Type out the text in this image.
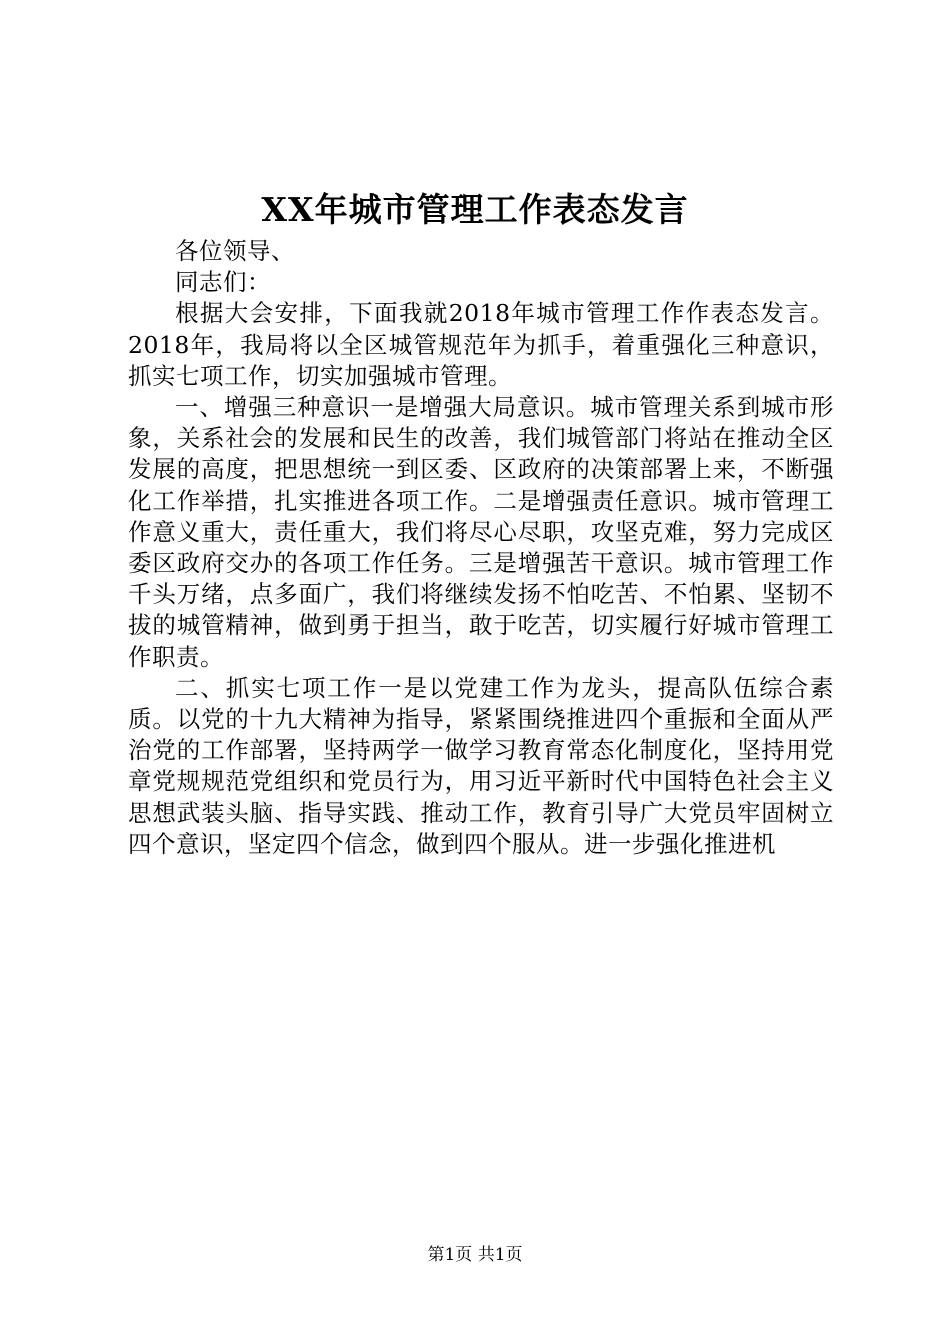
XX年城市管理工作表态发言

各位领导、

同志们：

根据大会安排，下面我就2018年城市管理工作作表态发言。2018年，我局将以全区城管规范年为抓手，着重强化三种意识，抓实七项工作，切实加强城市管理。

一、增强三种意识一是增强大局意识。城市管理关系到城市形象，关系社会的发展和民生的改善，我们城管部门将站在推动全区发展的高度，把思想统一到区委、区政府的决策部署上来，不断强化工作举措，扎实推进各项工作。二是增强责任意识。城市管理工作意义重大，责任重大，我们将尽心尽职，攻坚克难，努力完成区委区政府交办的各项工作任务。三是增强苦干意识。城市管理工作千头万绪，点多面广，我们将继续发扬不怕吃苦、不怕累、坚韧不拔的城管精神，做到勇于担当，敢于吃苦，切实履行好城市管理工作职责。

二、抓实七项工作一是以党建工作为龙头，提高队伍综合素质。以党的十九大精神为指导，紧紧围绕推进四个重振和全面从严治党的工作部署，坚持两学一做学习教育常态化制度化，坚持用党章党规规范党组织和党员行为，用习近平新时代中国特色社会主义思想武装头脑、指导实践、推动工作，教育引导广大党员牢固树立四个意识，坚定四个信念，做到四个服从。进一步强化推进机

第1页 共1页
